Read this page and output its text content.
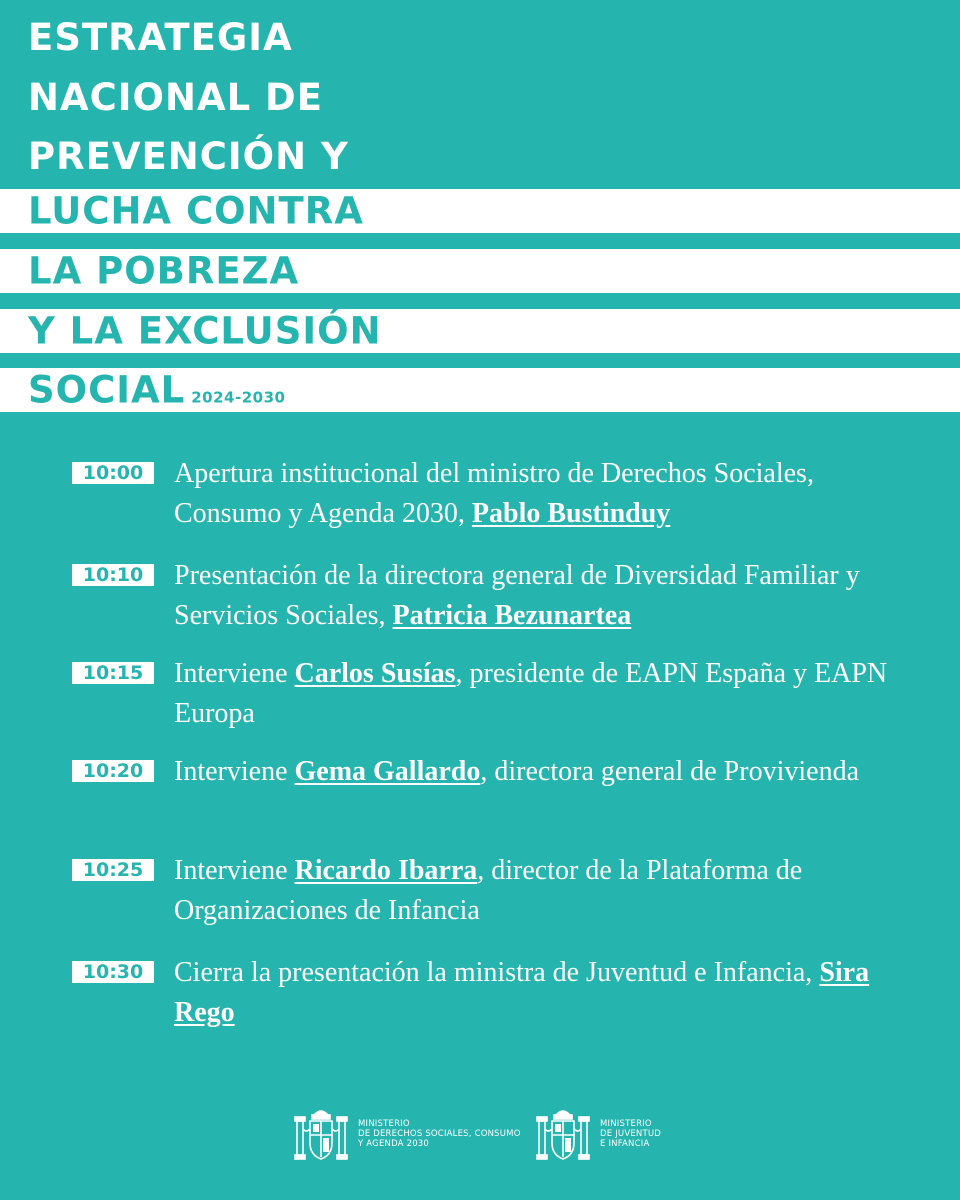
ESTRATEGIA
NACIONAL DE
PREVENCIÓN Y
LUCHA CONTRA
LA POBREZA
Y LA EXCLUSIÓN
SOCIAL 2024-2030
10:00	Apertura institucional del ministro de Derechos Sociales, Consumo y Agenda 2030, Pablo Bustinduy
10:10	Presentación de la directora general de Diversidad Familiar y Servicios Sociales, Patricia Bezunartea
10:15	Interviene Carlos Susías, presidente de EAPN España y EAPN Europa
10:20	Interviene Gema Gallardo, directora general de Provivienda
10:25	Interviene Ricardo Ibarra, director de la Plataforma de Organizaciones de Infancia
10:30	Cierra la presentación la ministra de Juventud e Infancia, Sira Rego
MINISTERIO
DE DERECHOS SOCIALES, CONSUMO
Y AGENDA 2030
MINISTERIO
DE JUVENTUD
E INFANCIA
